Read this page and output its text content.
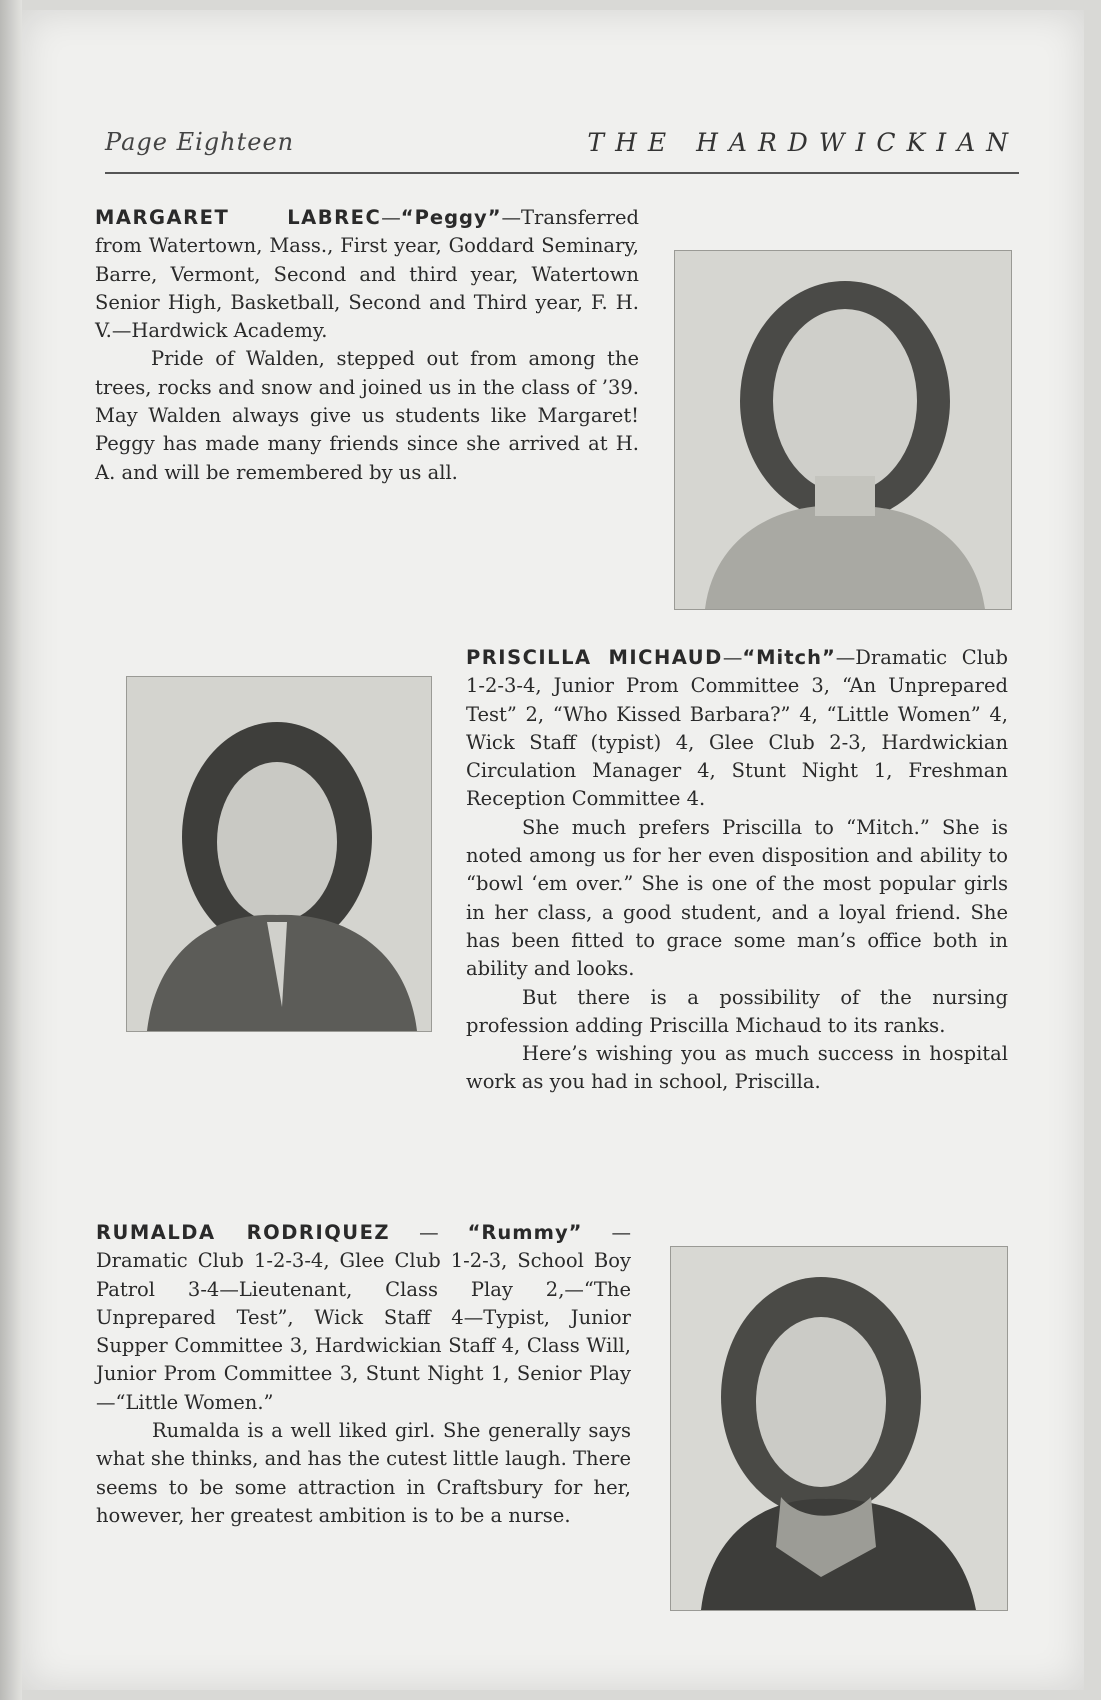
Page Eighteen	THE HARDWICKIAN

MARGARET LABREC—“Peggy”—Transferred from Watertown, Mass., First year, Goddard Seminary, Barre, Vermont, Second and third year, Watertown Senior High, Basketball, Second and Third year, F. H. V.—Hardwick Academy.

Pride of Walden, stepped out from among the trees, rocks and snow and joined us in the class of ’39. May Walden always give us students like Margaret! Peggy has made many friends since she arrived at H. A. and will be remembered by us all.

PRISCILLA MICHAUD—“Mitch”—Dramatic Club 1-2-3-4, Junior Prom Committee 3, “An Unprepared Test” 2, “Who Kissed Barbara?” 4, “Little Women” 4, Wick Staff (typist) 4, Glee Club 2-3, Hardwickian Circulation Manager 4, Stunt Night 1, Freshman Reception Committee 4.

She much prefers Priscilla to “Mitch.” She is noted among us for her even disposition and ability to “bowl ‘em over.” She is one of the most popular girls in her class, a good student, and a loyal friend. She has been fitted to grace some man’s office both in ability and looks.

But there is a possibility of the nursing profession adding Priscilla Michaud to its ranks.

Here’s wishing you as much success in hospital work as you had in school, Priscilla.

RUMALDA RODRIQUEZ — “Rummy” — Dramatic Club 1-2-3-4, Glee Club 1-2-3, School Boy Patrol 3-4—Lieutenant, Class Play 2,—“The Unprepared Test”, Wick Staff 4—Typist, Junior Supper Committee 3, Hardwickian Staff 4, Class Will, Junior Prom Committee 3, Stunt Night 1, Senior Play—“Little Women.”

Rumalda is a well liked girl. She generally says what she thinks, and has the cutest little laugh. There seems to be some attraction in Craftsbury for her, however, her greatest ambition is to be a nurse.
